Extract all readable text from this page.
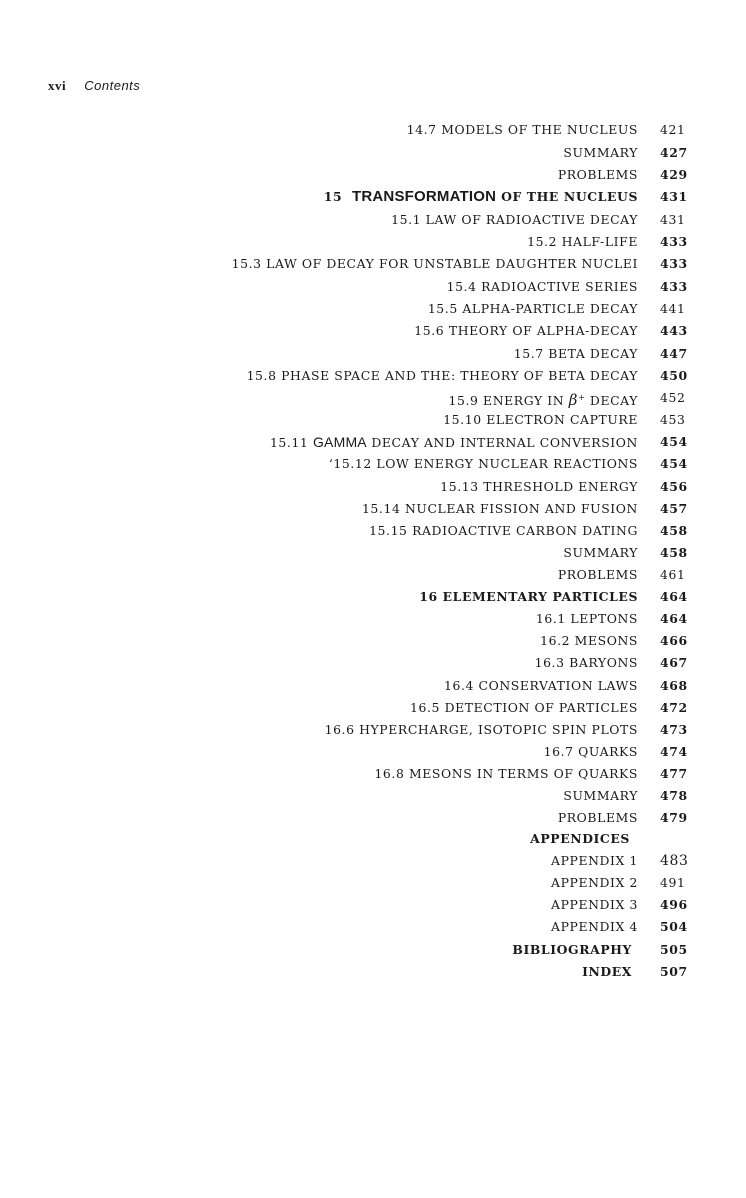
xvi Contents
14.7 MODELS OF THE NUCLEUS 421
SUMMARY 427
PROBLEMS 429
15 TRANSFORMATION OF THE NUCLEUS 431
15.1 LAW OF RADIOACTIVE DECAY 431
15.2 HALF-LIFE 433
15.3 LAW OF DECAY FOR UNSTABLE DAUGHTER NUCLEI 433
15.4 RADIOACTIVE SERIES 433
15.5 ALPHA-PARTICLE DECAY 441
15.6 THEORY OF ALPHA-DECAY 443
15.7 BETA DECAY 447
15.8 PHASE SPACE AND THE: THEORY OF BETA DECAY 450
15.9 ENERGY IN β+ DECAY 452
15.10 ELECTRON CAPTURE 453
15.11 GAMMA DECAY AND INTERNAL CONVERSION 454
‘15.12 LOW ENERGY NUCLEAR REACTIONS 454
15.13 THRESHOLD ENERGY 456
15.14 NUCLEAR FISSION AND FUSION 457
15.15 RADIOACTIVE CARBON DATING 458
SUMMARY 458
PROBLEMS 461
16 ELEMENTARY PARTICLES 464
16.1 LEPTONS 464
16.2 MESONS 466
16.3 BARYONS 467
16.4 CONSERVATION LAWS 468
16.5 DETECTION OF PARTICLES 472
16.6 HYPERCHARGE, ISOTOPIC SPIN PLOTS 473
16.7 QUARKS 474
16.8 MESONS IN TERMS OF QUARKS 477
SUMMARY 478
PROBLEMS 479
APPENDICES
APPENDIX 1 483
APPENDIX 2 491
APPENDIX 3 496
APPENDIX 4 504
BIBLIOGRAPHY 505
INDEX 507
